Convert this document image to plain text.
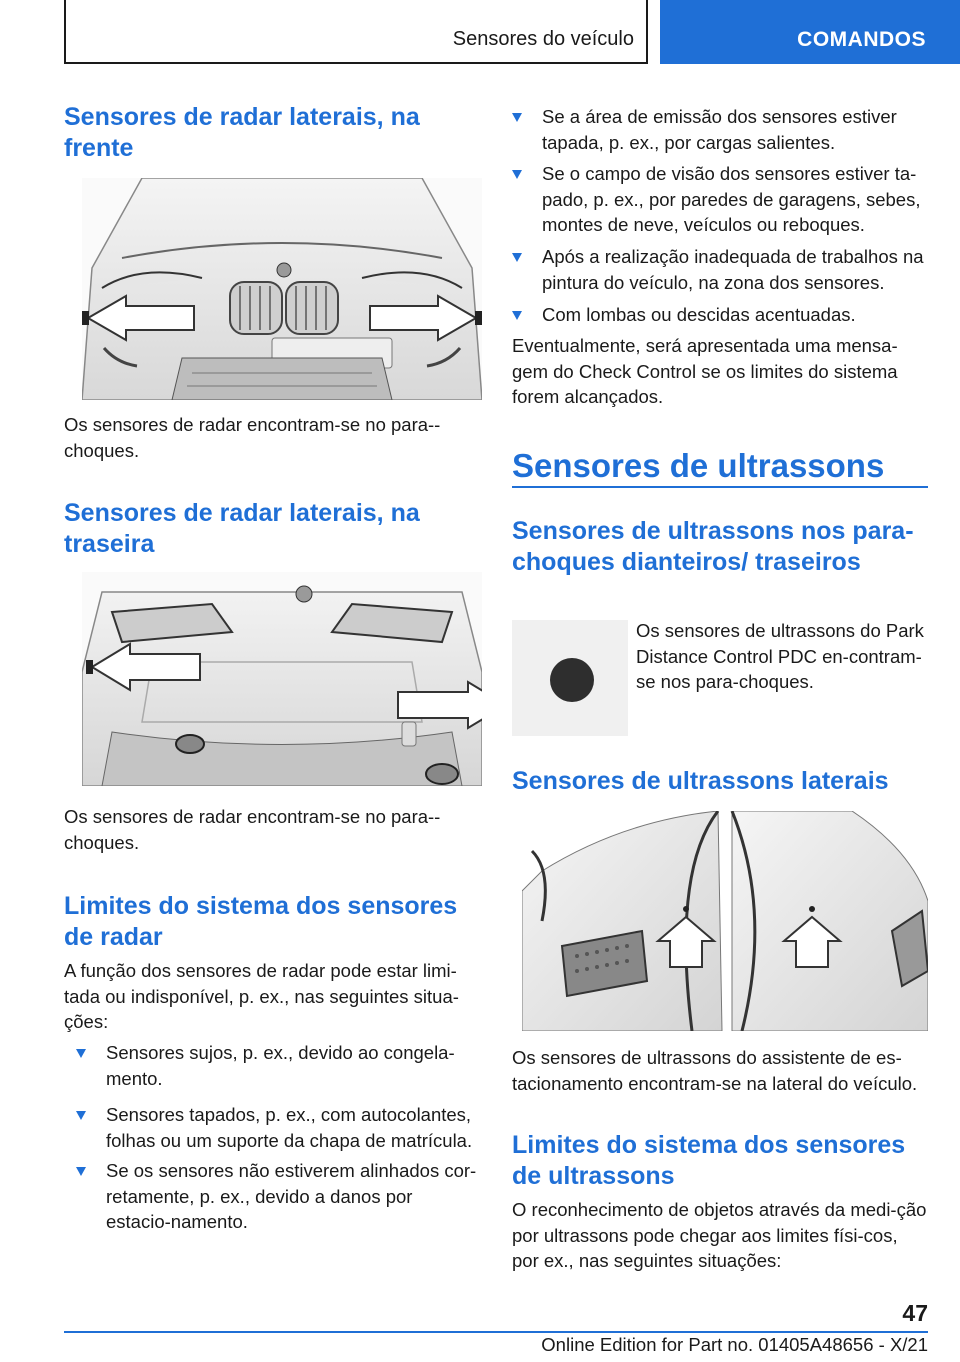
Sensores do veículo	COMANDOS
Sensores de radar laterais, na frente

Os sensores de radar encontram-se no para--choques.

Sensores de radar laterais, na traseira

Os sensores de radar encontram-se no para--choques.

Limites do sistema dos sensores de radar

A função dos sensores de radar pode estar limi-tada ou indisponível, p. ex., nas seguintes situa-ções:

Sensores sujos, p. ex., devido ao congela-mento.
Sensores tapados, p. ex., com autocolantes, folhas ou um suporte da chapa de matrícula.
Se os sensores não estiverem alinhados cor-retamente, p. ex., devido a danos por estacio-namento.
Se a área de emissão dos sensores estiver tapada, p. ex., por cargas salientes.
Se o campo de visão dos sensores estiver ta-pado, p. ex., por paredes de garagens, sebes, montes de neve, veículos ou reboques.
Após a realização inadequada de trabalhos na pintura do veículo, na zona dos sensores.
Com lombas ou descidas acentuadas.

Eventualmente, será apresentada uma mensa-gem do Check Control se os limites do sistema forem alcançados.

Sensores de ultrassons
Sensores de ultrassons nos para-choques dianteiros/ traseiros

Os sensores de ultrassons do Park Distance Control PDC en-contram-se nos para-choques.

Sensores de ultrassons laterais

Os sensores de ultrassons do assistente de es-tacionamento encontram-se na lateral do veículo.

Limites do sistema dos sensores de ultrassons

O reconhecimento de objetos através da medi-ção por ultrassons pode chegar aos limites físi-cos, por ex., nas seguintes situações:

47
Online Edition for Part no. 01405A48656 - X/21
